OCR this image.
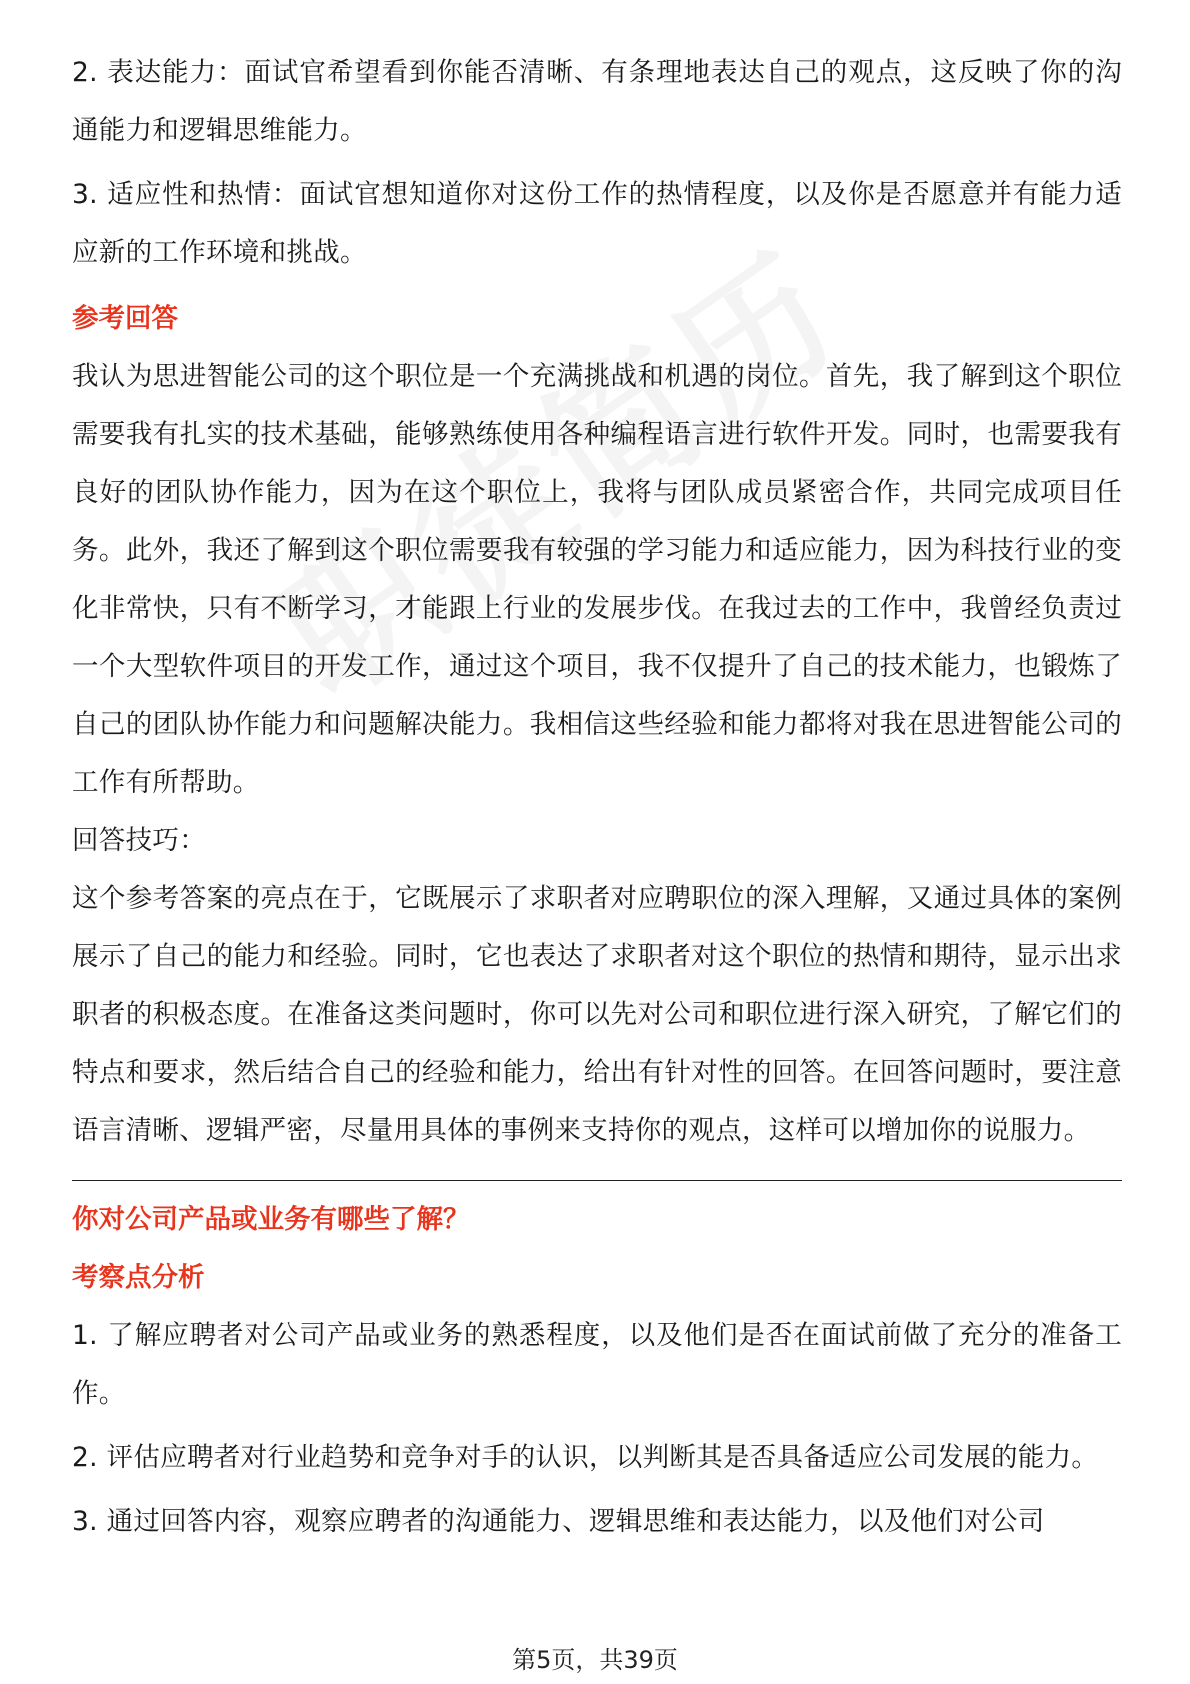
2. 表达能力：面试官希望看到你能否清晰、有条理地表达自己的观点，这反映了你的沟通能力和逻辑思维能力。

3. 适应性和热情：面试官想知道你对这份工作的热情程度，以及你是否愿意并有能力适应新的工作环境和挑战。

参考回答

我认为思进智能公司的这个职位是一个充满挑战和机遇的岗位。首先，我了解到这个职位需要我有扎实的技术基础，能够熟练使用各种编程语言进行软件开发。同时，也需要我有良好的团队协作能力，因为在这个职位上，我将与团队成员紧密合作，共同完成项目任务。此外，我还了解到这个职位需要我有较强的学习能力和适应能力，因为科技行业的变化非常快，只有不断学习，才能跟上行业的发展步伐。在我过去的工作中，我曾经负责过一个大型软件项目的开发工作，通过这个项目，我不仅提升了自己的技术能力，也锻炼了自己的团队协作能力和问题解决能力。我相信这些经验和能力都将对我在思进智能公司的工作有所帮助。

回答技巧：

这个参考答案的亮点在于，它既展示了求职者对应聘职位的深入理解，又通过具体的案例展示了自己的能力和经验。同时，它也表达了求职者对这个职位的热情和期待，显示出求职者的积极态度。在准备这类问题时，你可以先对公司和职位进行深入研究，了解它们的特点和要求，然后结合自己的经验和能力，给出有针对性的回答。在回答问题时，要注意语言清晰、逻辑严密，尽量用具体的事例来支持你的观点，这样可以增加你的说服力。

你对公司产品或业务有哪些了解？

考察点分析

1. 了解应聘者对公司产品或业务的熟悉程度，以及他们是否在面试前做了充分的准备工作。

2. 评估应聘者对行业趋势和竞争对手的认识，以判断其是否具备适应公司发展的能力。

3. 通过回答内容，观察应聘者的沟通能力、逻辑思维和表达能力，以及他们对公司

第5页，共39页
